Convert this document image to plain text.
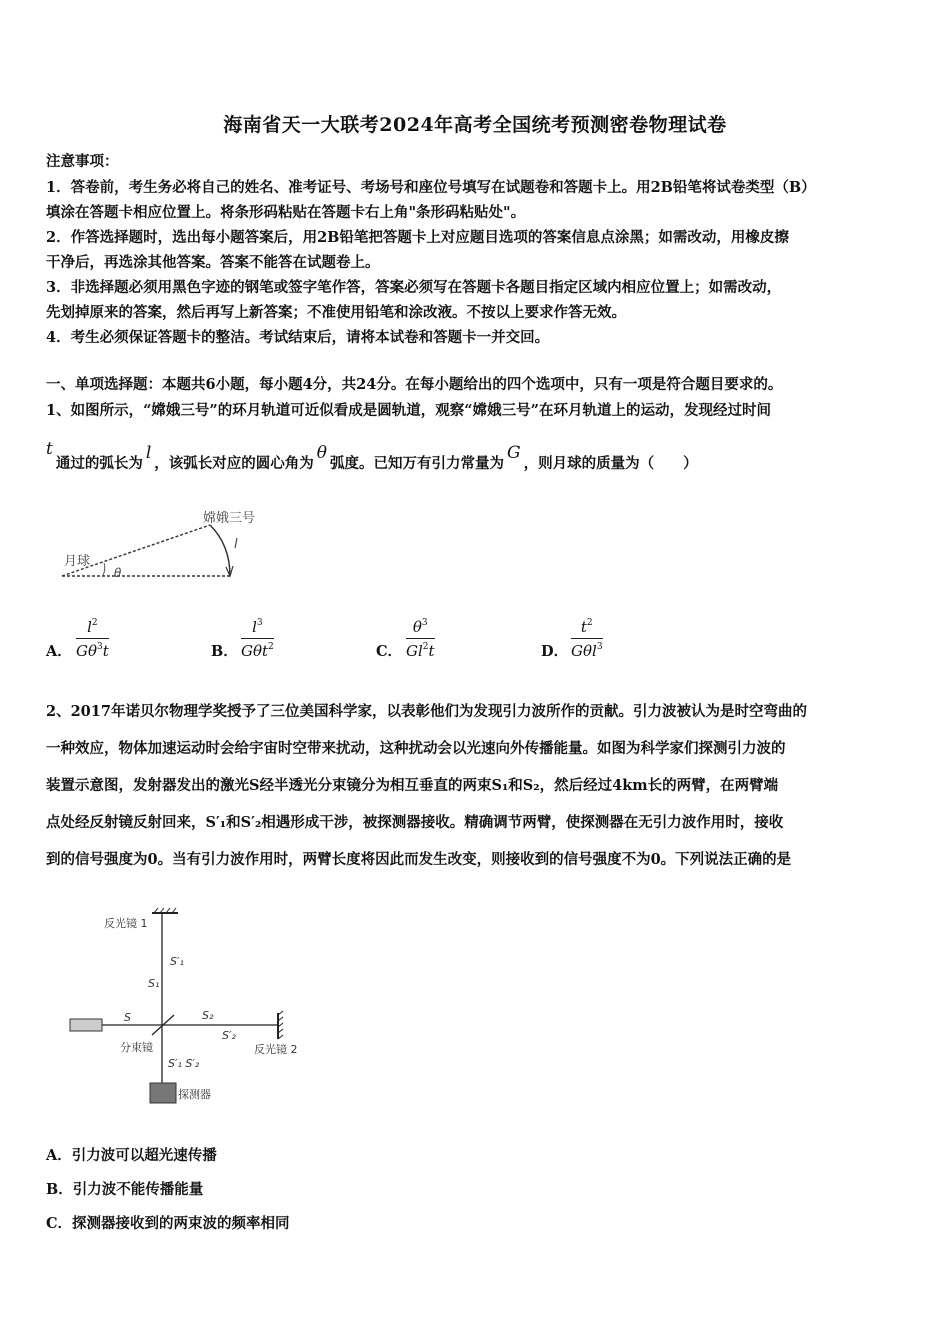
海南省天一大联考2024年高考全国统考预测密卷物理试卷
注意事项：
1．答卷前，考生务必将自己的姓名、准考证号、考场号和座位号填写在试题卷和答题卡上。用2B铅笔将试卷类型（B）
填涂在答题卡相应位置上。将条形码粘贴在答题卡右上角"条形码粘贴处"。
2．作答选择题时，选出每小题答案后，用2B铅笔把答题卡上对应题目选项的答案信息点涂黑；如需改动，用橡皮擦
干净后，再选涂其他答案。答案不能答在试题卷上。
3．非选择题必须用黑色字迹的钢笔或签字笔作答，答案必须写在答题卡各题目指定区域内相应位置上；如需改动，
先划掉原来的答案，然后再写上新答案；不准使用铅笔和涂改液。不按以上要求作答无效。
4．考生必须保证答题卡的整洁。考试结束后，请将本试卷和答题卡一并交回。
一、单项选择题：本题共6小题，每小题4分，共24分。在每小题给出的四个选项中，只有一项是符合题目要求的。
1、如图所示，“嫦娥三号”的环月轨道可近似看成是圆轨道，观察“嫦娥三号”在环月轨道上的运动，发现经过时间
t通过的弧长为l，该弧长对应的圆心角为θ弧度。已知万有引力常量为G，则月球的质量为（　　）
月球
嫦娥三号
l
θ
A． $\frac{l^2}{G\theta^3t}$	B．
$l^3$
Gθt$^2$	C． $\frac{\theta^3}{Gl^2t}$	D．
$t^2$
Gθl$^3$
2、2017年诺贝尔物理学奖授予了三位美国科学家，以表彰他们为发现引力波所作的贡献。引力波被认为是时空弯曲的
一种效应，物体加速运动时会给宇宙时空带来扰动，这种扰动会以光速向外传播能量。如图为科学家们探测引力波的
装置示意图，发射器发出的激光S经半透光分束镜分为相互垂直的两束S₁和S₂，然后经过4km长的两臂，在两臂端
点处经反射镜反射回来，S′₁和S′₂相遇形成干涉，被探测器接收。精确调节两臂，使探测器在无引力波作用时，接收
到的信号强度为0。当有引力波作用时，两臂长度将因此而发生改变，则接收到的信号强度不为0。下列说法正确的是
反光镜 1
S′₁
S₁
S
分束镜
S₂
S′₂
反光镜 2
S′₁ S′₂
探测器
A．引力波可以超光速传播
B．引力波不能传播能量
C．探测器接收到的两束波的频率相同
